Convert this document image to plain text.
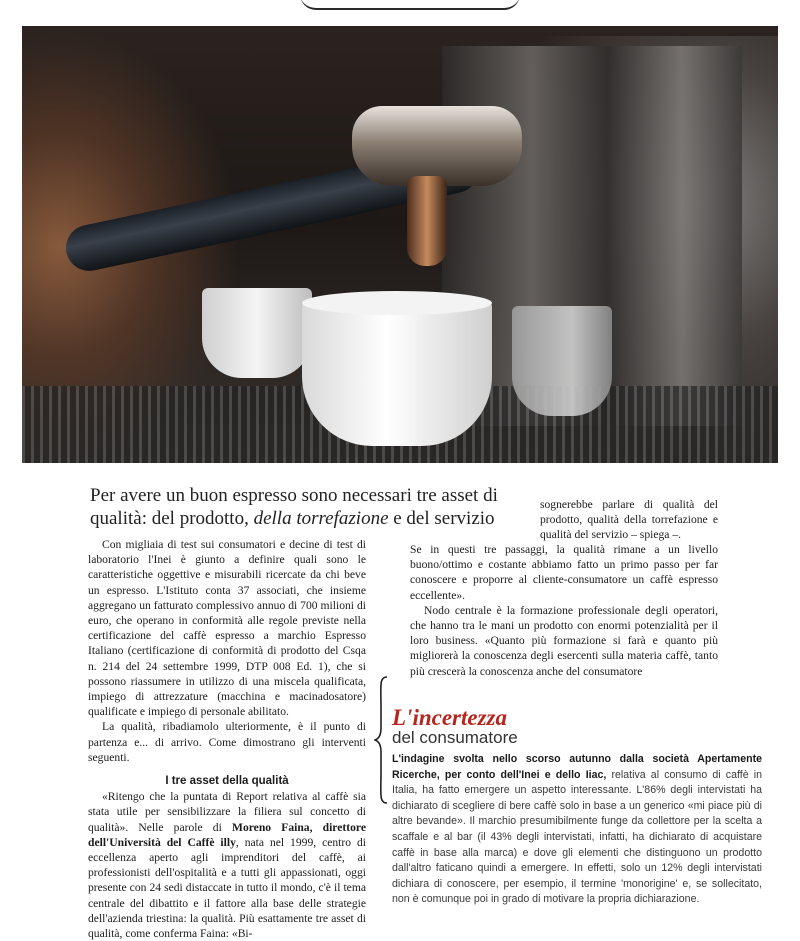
Per avere un buon espresso sono necessari tre asset di qualità: del prodotto, della torrefazione e del servizio

Con migliaia di test sui consumatori e decine di test di laboratorio l'Inei è giunto a definire quali sono le caratteristiche oggettive e misurabili ricercate da chi beve un espresso. L'Istituto conta 37 associati, che insieme aggregano un fatturato complessivo annuo di 700 milioni di euro, che operano in conformità alle regole previste nella certificazione del caffè espresso a marchio Espresso Italiano (certificazione di conformità di prodotto del Csqa n. 214 del 24 settembre 1999, DTP 008 Ed. 1), che si possono riassumere in utilizzo di una miscela qualificata, impiego di attrezzature (macchina e macinadosatore) qualificate e impiego di personale abilitato.

La qualità, ribadiamolo ulteriormente, è il punto di partenza e... di arrivo. Come dimostrano gli interventi seguenti.

I tre asset della qualità

«Ritengo che la puntata di Report relativa al caffè sia stata utile per sensibilizzare la filiera sul concetto di qualità». Nelle parole di Moreno Faina, direttore dell'Università del Caffè illy, nata nel 1999, centro di eccellenza aperto agli imprenditori del caffè, ai professionisti dell'ospitalità e a tutti gli appassionati, oggi presente con 24 sedi distaccate in tutto il mondo, c'è il tema centrale del dibattito e il fattore alla base delle strategie dell'azienda triestina: la qualità. Più esattamente tre asset di qualità, come conferma Faina: «Bi-

sognerebbe parlare di qualità del prodotto, qualità della torrefazione e qualità del servizio – spiega –.

Se in questi tre passaggi, la qualità rimane a un livello buono/ottimo e costante abbiamo fatto un primo passo per far conoscere e proporre al cliente-consumatore un caffè espresso eccellente».

Nodo centrale è la formazione professionale degli operatori, che hanno tra le mani un prodotto con enormi potenzialità per il loro business. «Quanto più formazione si farà e quanto più migliorerà la conoscenza degli esercenti sulla materia caffè, tanto più crescerà la conoscenza anche del consumatore

L'incertezza
del consumatore
L'indagine svolta nello scorso autunno dalla società Apertamente Ricerche, per conto dell'Inei e dello Iiac, relativa al consumo di caffè in Italia, ha fatto emergere un aspetto interessante. L'86% degli intervistati ha dichiarato di scegliere di bere caffè solo in base a un generico «mi piace più di altre bevande». Il marchio presumibilmente funge da collettore per la scelta a scaffale e al bar (il 43% degli intervistati, infatti, ha dichiarato di acquistare caffè in base alla marca) e dove gli elementi che distinguono un prodotto dall'altro faticano quindi a emergere. In effetti, solo un 12% degli intervistati dichiara di conoscere, per esempio, il termine 'monorigine' e, se sollecitato, non è comunque poi in grado di motivare la propria dichiarazione.
